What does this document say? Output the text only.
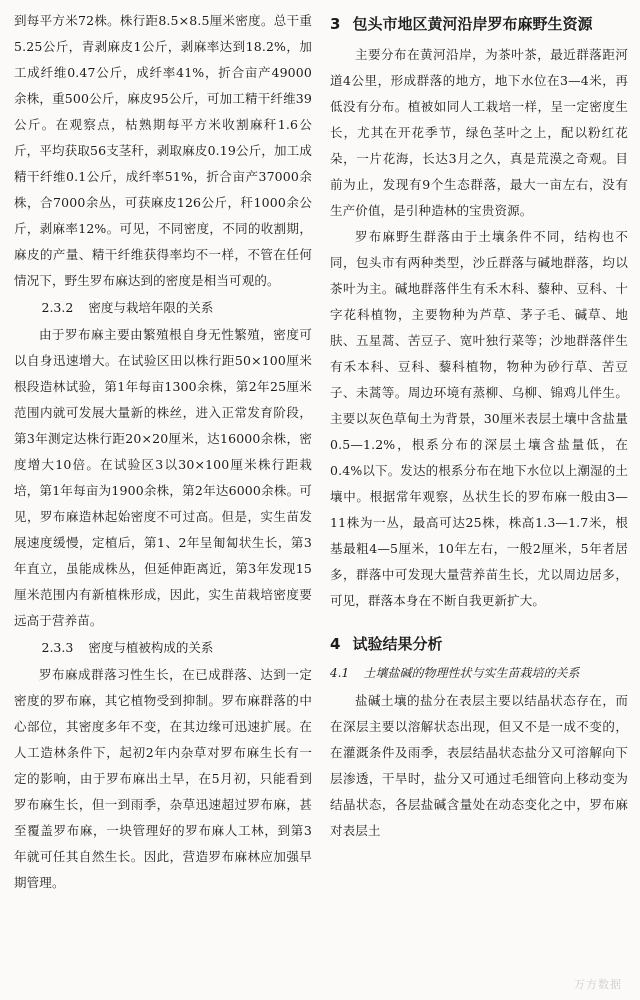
到每平方米72株。株行距8.5×8.5厘米密度。总干重5.25公斤，青剥麻皮1公斤，剥麻率达到18.2%，加工成纤维0.47公斤，成纤率41%，折合亩产49000余株，重500公斤，麻皮95公斤，可加工精干纤维39公斤。在观察点，枯熟期每平方米收割麻秆1.6公斤，平均获取56支茎秆，剥取麻皮0.19公斤，加工成精干纤维0.1公斤，成纤率51%，折合亩产37000余株，合7000余丛，可获麻皮126公斤，秆1000余公斤，剥麻率12%。可见，不同密度，不同的收割期，麻皮的产量、精干纤维获得率均不一样，不管在任何情况下，野生罗布麻达到的密度是相当可观的。

2.3.2 密度与栽培年限的关系

由于罗布麻主要由繁殖根自身无性繁殖，密度可以自身迅速增大。在试验区田以株行距50×100厘米根段造林试验，第1年每亩1300余株，第2年25厘米范围内就可发展大量新的株丝，进入正常发育阶段，第3年测定达株行距20×20厘米，达16000余株，密度增大10倍。在试验区3以30×100厘米株行距栽培，第1年每亩为1900余株，第2年达6000余株。可见，罗布麻造林起始密度不可过高。但是，实生苗发展速度缓慢，定植后，第1、2年呈匍匐状生长，第3年直立，虽能成株丛，但延伸距离近，第3年发现15厘米范围内有新植株形成，因此，实生苗栽培密度要远高于营养苗。

2.3.3 密度与植被构成的关系

罗布麻成群落习性生长，在已成群落、达到一定密度的罗布麻，其它植物受到抑制。罗布麻群落的中心部位，其密度多年不变，在其边缘可迅速扩展。在人工造林条件下，起初2年内杂草对罗布麻生长有一定的影响，由于罗布麻出土早，在5月初，只能看到罗布麻生长，但一到雨季，杂草迅速超过罗布麻，甚至覆盖罗布麻，一块管理好的罗布麻人工林，到第3年就可任其自然生长。因此，营造罗布麻林应加强早期管理。

3 包头市地区黄河沿岸罗布麻野生资源

主要分布在黄河沿岸，为茶叶茶，最近群落距河道4公里，形成群落的地方，地下水位在3—4米，再低没有分布。植被如同人工栽培一样，呈一定密度生长，尤其在开花季节，绿色茎叶之上，配以粉红花朵，一片花海，长达3月之久，真是荒漠之奇观。目前为止，发现有9个生态群落，最大一亩左右，没有生产价值，是引种造林的宝贵资源。

罗布麻野生群落由于土壤条件不同，结构也不同，包头市有两种类型，沙丘群落与碱地群落，均以茶叶为主。碱地群落伴生有禾木科、藜种、豆科、十字花科植物，主要物种为芦草、茅子毛、碱草、地肤、五星蒿、苦豆子、宽叶独行菜等；沙地群落伴生有禾本科、豆科、藜科植物，物种为砂行草、苦豆子、未蒿等。周边环境有蒸柳、乌柳、锦鸡儿伴生。主要以灰色草甸土为背景，30厘米表层土壤中含盐量0.5—1.2%，根系分布的深层土壤含盐量低，在0.4%以下。发达的根系分布在地下水位以上潮湿的土壤中。根据常年观察，丛状生长的罗布麻一般由3—11株为一丛，最高可达25株，株高1.3—1.7米，根基最粗4—5厘米，10年左右，一般2厘米，5年者居多，群落中可发现大量营养苗生长，尤以周边居多，可见，群落本身在不断自我更新扩大。

4 试验结果分析

4.1 土壤盐碱的物理性状与实生苗栽培的关系

盐碱土壤的盐分在表层主要以结晶状态存在，而在深层主要以溶解状态出现，但又不是一成不变的，在灌溉条件及雨季，表层结晶状态盐分又可溶解向下层渗透，干旱时，盐分又可通过毛细管向上移动变为结晶状态，各层盐碱含量处在动态变化之中，罗布麻对表层土

万方数据
